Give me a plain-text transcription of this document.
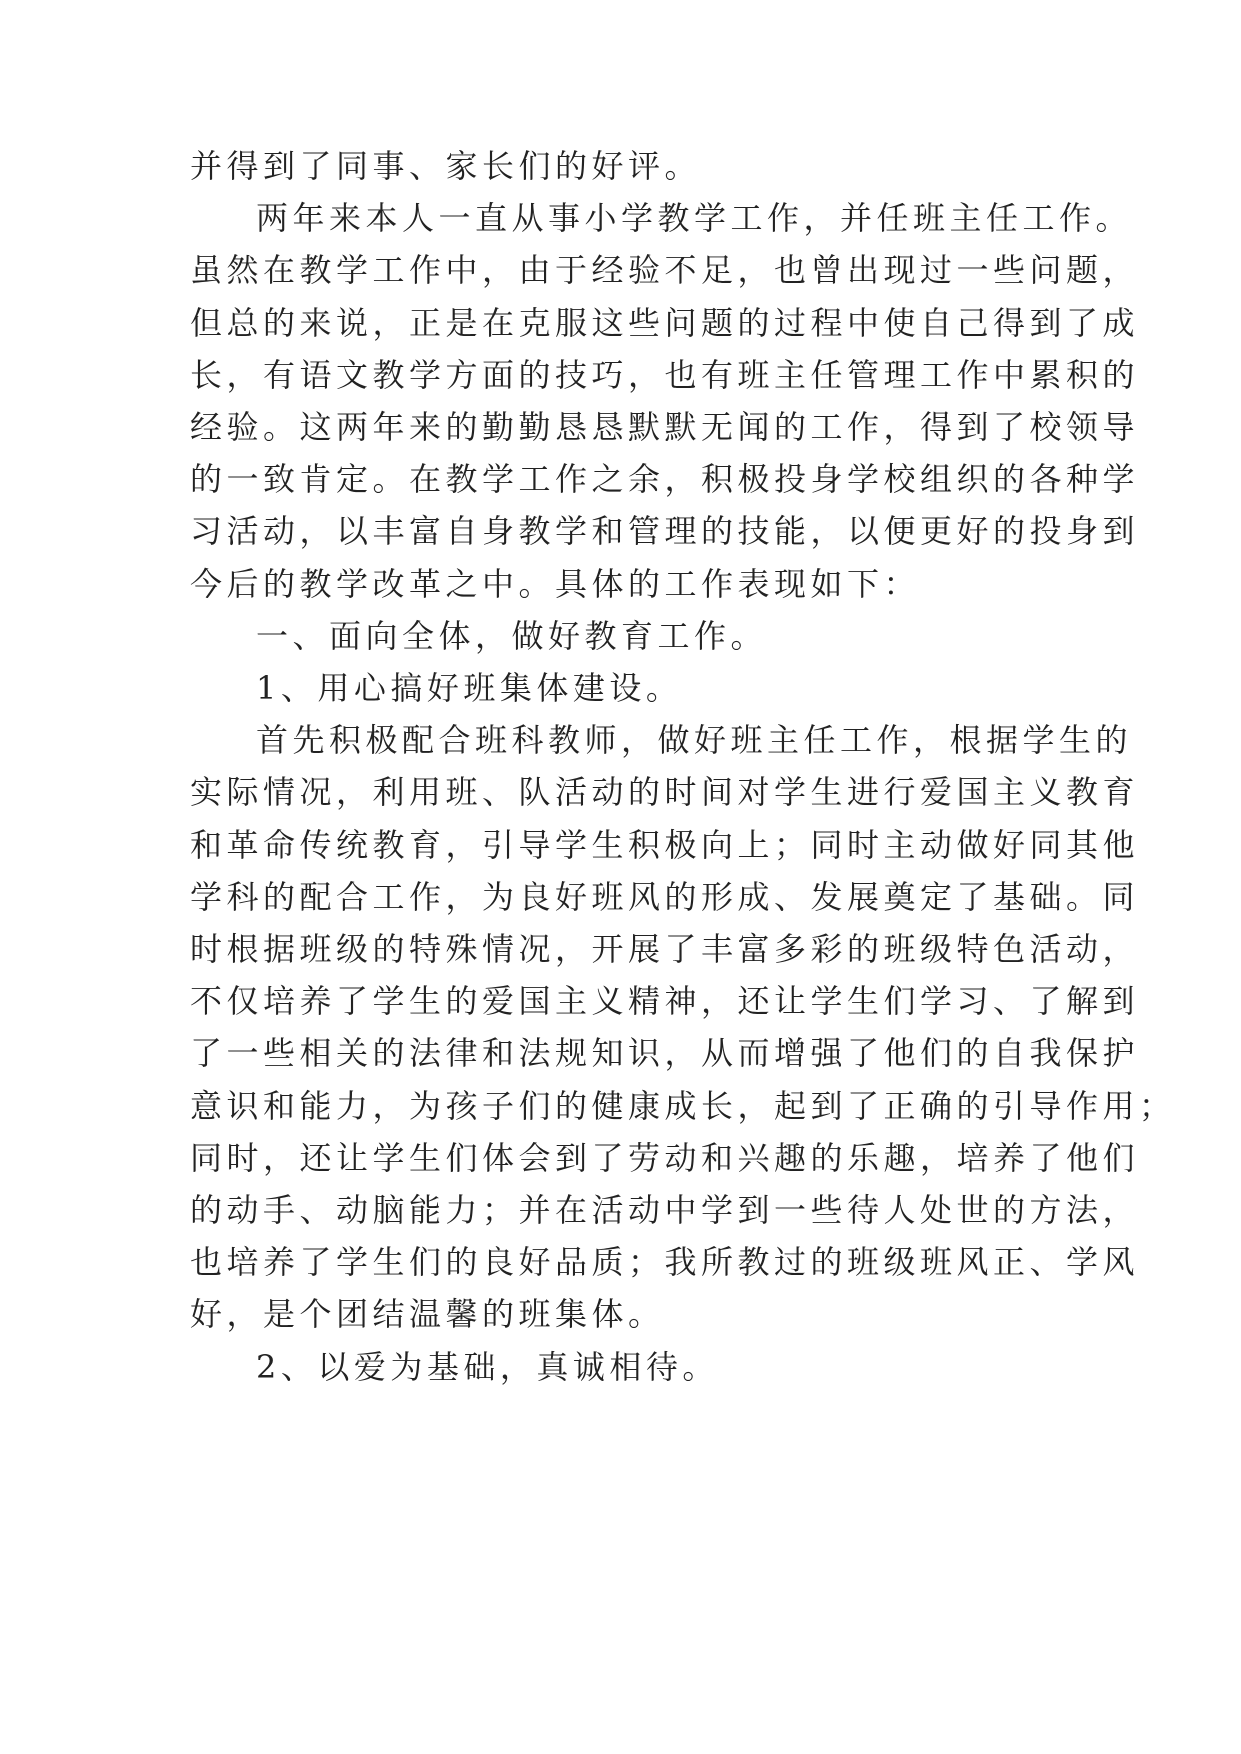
并得到了同事、家长们的好评。
两年来本人一直从事小学教学工作，并任班主任工作。
虽然在教学工作中，由于经验不足，也曾出现过一些问题，
但总的来说，正是在克服这些问题的过程中使自己得到了成
长，有语文教学方面的技巧，也有班主任管理工作中累积的
经验。这两年来的勤勤恳恳默默无闻的工作，得到了校领导
的一致肯定。在教学工作之余，积极投身学校组织的各种学
习活动，以丰富自身教学和管理的技能，以便更好的投身到
今后的教学改革之中。具体的工作表现如下：
一、面向全体，做好教育工作。
1、用心搞好班集体建设。
首先积极配合班科教师，做好班主任工作，根据学生的
实际情况，利用班、队活动的时间对学生进行爱国主义教育
和革命传统教育，引导学生积极向上；同时主动做好同其他
学科的配合工作，为良好班风的形成、发展奠定了基础。同
时根据班级的特殊情况，开展了丰富多彩的班级特色活动，
不仅培养了学生的爱国主义精神，还让学生们学习、了解到
了一些相关的法律和法规知识，从而增强了他们的自我保护
意识和能力，为孩子们的健康成长，起到了正确的引导作用；
同时，还让学生们体会到了劳动和兴趣的乐趣，培养了他们
的动手、动脑能力；并在活动中学到一些待人处世的方法，
也培养了学生们的良好品质；我所教过的班级班风正、学风
好，是个团结温馨的班集体。
2、以爱为基础，真诚相待。
